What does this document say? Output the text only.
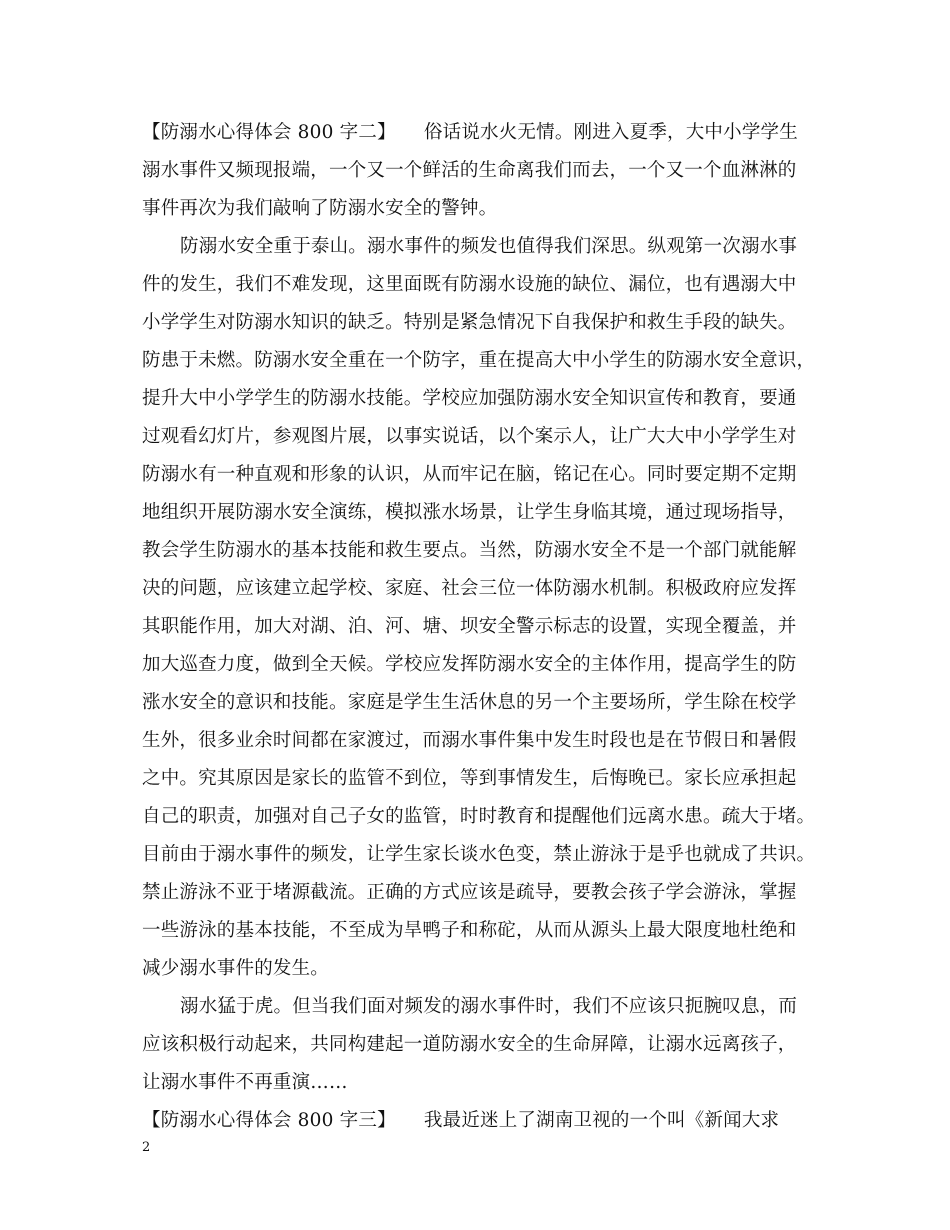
【防溺水心得体会 800 字二】　　俗话说水火无情。刚进入夏季，大中小学学生
溺水事件又频现报端，一个又一个鲜活的生命离我们而去，一个又一个血淋淋的
事件再次为我们敲响了防溺水安全的警钟。
防溺水安全重于泰山。溺水事件的频发也值得我们深思。纵观第一次溺水事
件的发生，我们不难发现，这里面既有防溺水设施的缺位、漏位，也有遇溺大中
小学学生对防溺水知识的缺乏。特别是紧急情况下自我保护和救生手段的缺失。
防患于未燃。防溺水安全重在一个防字，重在提高大中小学生的防溺水安全意识，
提升大中小学学生的防溺水技能。学校应加强防溺水安全知识宣传和教育，要通
过观看幻灯片，参观图片展，以事实说话，以个案示人，让广大大中小学学生对
防溺水有一种直观和形象的认识，从而牢记在脑，铭记在心。同时要定期不定期
地组织开展防溺水安全演练，模拟涨水场景，让学生身临其境，通过现场指导，
教会学生防溺水的基本技能和救生要点。当然，防溺水安全不是一个部门就能解
决的问题，应该建立起学校、家庭、社会三位一体防溺水机制。积极政府应发挥
其职能作用，加大对湖、泊、河、塘、坝安全警示标志的设置，实现全覆盖，并
加大巡查力度，做到全天候。学校应发挥防溺水安全的主体作用，提高学生的防
涨水安全的意识和技能。家庭是学生生活休息的另一个主要场所，学生除在校学
生外，很多业余时间都在家渡过，而溺水事件集中发生时段也是在节假日和暑假
之中。究其原因是家长的监管不到位，等到事情发生，后悔晚已。家长应承担起
自己的职责，加强对自己子女的监管，时时教育和提醒他们远离水患。疏大于堵。
目前由于溺水事件的频发，让学生家长谈水色变，禁止游泳于是乎也就成了共识。
禁止游泳不亚于堵源截流。正确的方式应该是疏导，要教会孩子学会游泳，掌握
一些游泳的基本技能，不至成为旱鸭子和称砣，从而从源头上最大限度地杜绝和
减少溺水事件的发生。
溺水猛于虎。但当我们面对频发的溺水事件时，我们不应该只扼腕叹息，而
应该积极行动起来，共同构建起一道防溺水安全的生命屏障，让溺水远离孩子，
让溺水事件不再重演……
【防溺水心得体会 800 字三】　　我最近迷上了湖南卫视的一个叫《新闻大求
2
